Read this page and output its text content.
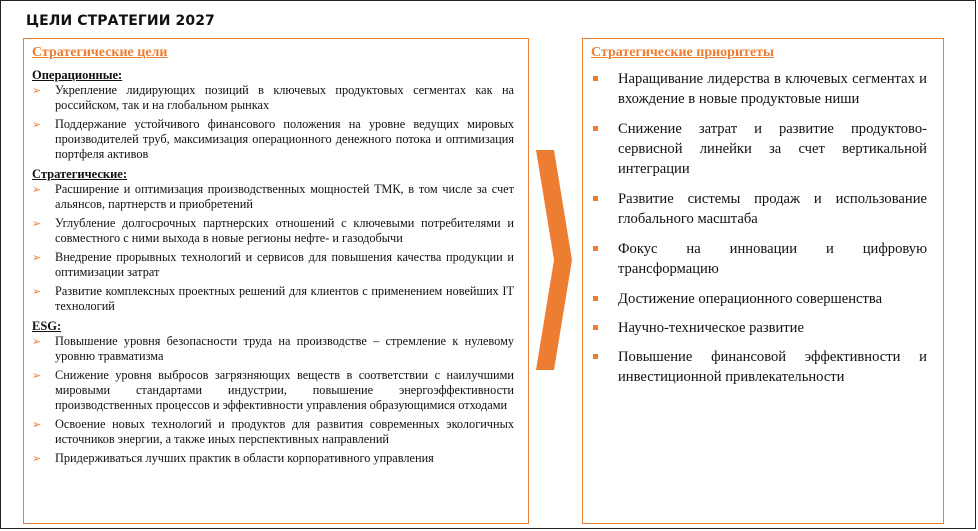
ЦЕЛИ СТРАТЕГИИ 2027

Стратегические цели

Операционные:

➢ Укрепление лидирующих позиций в ключевых продуктовых сегментах как на российском, так и на глобальном рынках
➢ Поддержание устойчивого финансового положения на уровне ведущих мировых производителей труб, максимизация операционного денежного потока и оптимизация портфеля активов

Стратегические:

➢ Расширение и оптимизация производственных мощностей ТМК, в том числе за счет альянсов, партнерств и приобретений
➢ Углубление долгосрочных партнерских отношений с ключевыми потребителями и совместного с ними выхода в новые регионы нефте- и газодобычи
➢ Внедрение прорывных технологий и сервисов для повышения качества продукции и оптимизации затрат
➢ Развитие комплексных проектных решений для клиентов с применением новейших IT технологий

ESG:

➢ Повышение уровня безопасности труда на производстве – стремление к нулевому уровню травматизма
➢ Снижение уровня выбросов загрязняющих веществ в соответствии с наилучшими мировыми стандартами индустрии, повышение энергоэффективности производственных процессов и эффективности управления образующимися отходами
➢ Освоение новых технологий и продуктов для развития современных экологичных источников энергии, а также иных перспективных направлений
➢ Придерживаться лучших практик в области корпоративного управления

Стратегические приоритеты

Наращивание лидерства в ключевых сегментах и вхождение в новые продуктовые ниши
Снижение затрат и развитие продуктово-сервисной линейки за счет вертикальной интеграции
Развитие системы продаж и использование глобального масштаба
Фокус на инновации и цифровую трансформацию
Достижение операционного совершенства
Научно-техническое развитие
Повышение финансовой эффективности и инвестиционной привлекательности
